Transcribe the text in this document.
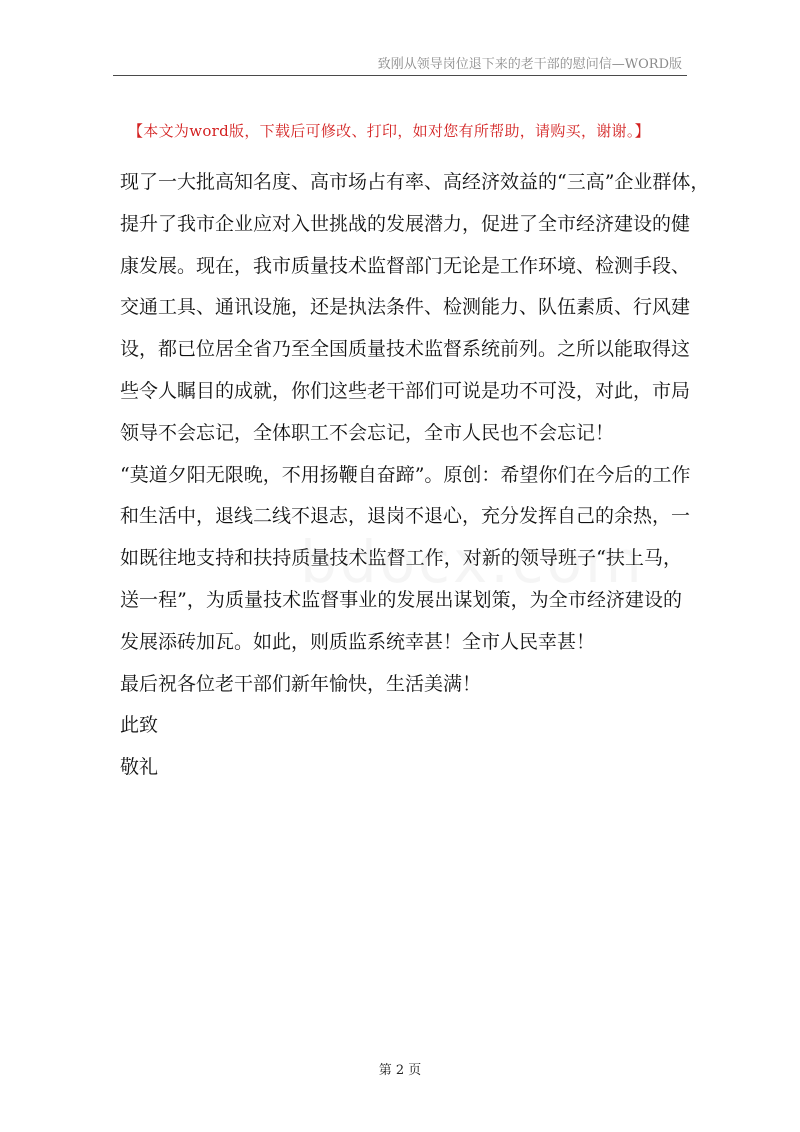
致刚从领导岗位退下来的老干部的慰问信—WORD版
【本文为word版，下载后可修改、打印，如对您有所帮助，请购买，谢谢。】
现了一大批高知名度、高市场占有率、高经济效益的“三高”企业群体，
提升了我市企业应对入世挑战的发展潜力，促进了全市经济建设的健
康发展。现在，我市质量技术监督部门无论是工作环境、检测手段、
交通工具、通讯设施，还是执法条件、检测能力、队伍素质、行风建
设，都已位居全省乃至全国质量技术监督系统前列。之所以能取得这
些令人瞩目的成就，你们这些老干部们可说是功不可没，对此，市局
领导不会忘记，全体职工不会忘记，全市人民也不会忘记！
“莫道夕阳无限晚，不用扬鞭自奋蹄”。原创：希望你们在今后的工作
和生活中，退线二线不退志，退岗不退心，充分发挥自己的余热，一
如既往地支持和扶持质量技术监督工作，对新的领导班子“扶上马，
送一程”，为质量技术监督事业的发展出谋划策，为全市经济建设的
发展添砖加瓦。如此，则质监系统幸甚！全市人民幸甚！
最后祝各位老干部们新年愉快，生活美满！
此致
敬礼
第 2 页
